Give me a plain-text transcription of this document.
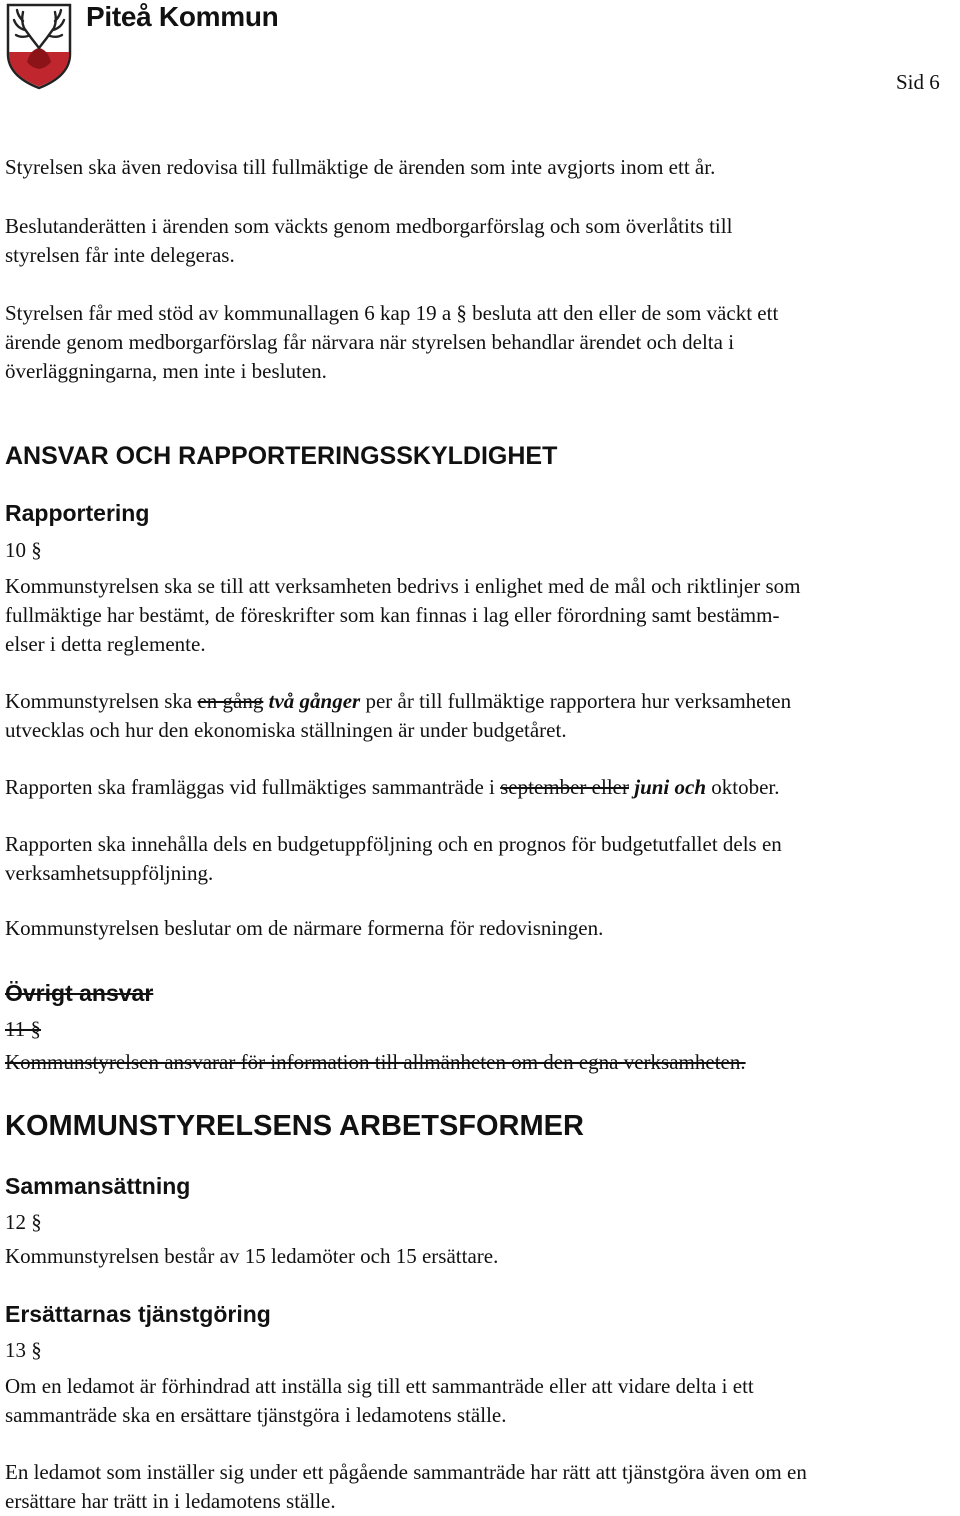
Piteå Kommun
Sid 6
Styrelsen ska även redovisa till fullmäktige de ärenden som inte avgjorts inom ett år.
Beslutanderätten i ärenden som väckts genom medborgarförslag och som överlåtits till
styrelsen får inte delegeras.
Styrelsen får med stöd av kommunallagen 6 kap 19 a § besluta att den eller de som väckt ett
ärende genom medborgarförslag får närvara när styrelsen behandlar ärendet och delta i
överläggningarna, men inte i besluten.
ANSVAR OCH RAPPORTERINGSSKYLDIGHET
Rapportering
10 §
Kommunstyrelsen ska se till att verksamheten bedrivs i enlighet med de mål och riktlinjer som
fullmäktige har bestämt, de föreskrifter som kan finnas i lag eller förordning samt bestämm-
elser i detta reglemente.
Kommunstyrelsen ska en gång två gånger per år till fullmäktige rapportera hur verksamheten
utvecklas och hur den ekonomiska ställningen är under budgetåret.
Rapporten ska framläggas vid fullmäktiges sammanträde i september eller juni och oktober.
Rapporten ska innehålla dels en budgetuppföljning och en prognos för budgetutfallet dels en
verksamhetsuppföljning.
Kommunstyrelsen beslutar om de närmare formerna för redovisningen.
Övrigt ansvar
11 §
Kommunstyrelsen ansvarar för information till allmänheten om den egna verksamheten.
KOMMUNSTYRELSENS ARBETSFORMER
Sammansättning
12 §
Kommunstyrelsen består av 15 ledamöter och 15 ersättare.
Ersättarnas tjänstgöring
13 §
Om en ledamot är förhindrad att inställa sig till ett sammanträde eller att vidare delta i ett
sammanträde ska en ersättare tjänstgöra i ledamotens ställe.
En ledamot som inställer sig under ett pågående sammanträde har rätt att tjänstgöra även om en
ersättare har trätt in i ledamotens ställe.
